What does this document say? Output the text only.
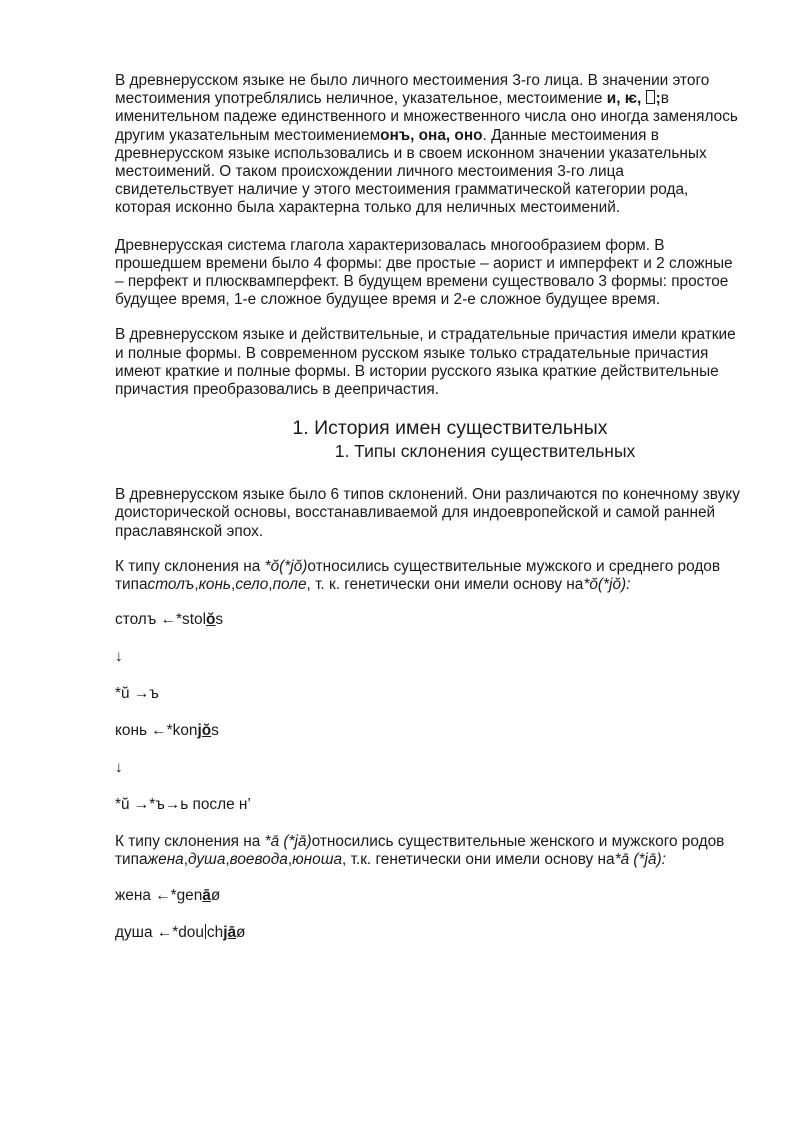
В древнерусском языке не было личного местоимения 3-го лица. В значении этого местоимения употреблялись неличное, указательное, местоимение и, ѥ, ;в именительном падеже единственного и множественного числа оно иногда заменялось другим указательным местоимениемонъ, она, оно. Данные местоимения в древнерусском языке использовались и в своем исконном значении указательных местоимений. О таком происхождении личного местоимения 3-го лица свидетельствует наличие у этого местоимения грамматической категории рода, которая исконно была характерна только для неличных местоимений.

Древнерусская система глагола характеризовалась многообразием форм. В прошедшем времени было 4 формы: две простые – аорист и имперфект и 2 сложные – перфект и плюсквамперфект. В будущем времени существовало 3 формы: простое будущее время, 1-е сложное будущее время и 2-е сложное будущее время.

В древнерусском языке и действительные, и страдательные причастия имели краткие и полные формы. В современном русском языке только страдательные причастия имеют краткие и полные формы. В истории русского языка краткие действительные причастия преобразовались в деепричастия.

1. История имен существительных
1. Типы склонения существительных

В древнерусском языке было 6 типов склонений. Они различаются по конечному звуку доисторической основы, восстанавливаемой для индоевропейской и самой ранней праславянской эпох.

К типу склонения на *ŏ(*jŏ)относились существительные мужского и среднего родов типастолъ,конь,село,поле, т. к. генетически они имели основу на*ŏ(*jŏ):

столъ ←*stolŏs
↓
*ŭ →ъ
конь ←*konjŏs
↓
*ŭ →*ъ→ь после н’

К типу склонения на *ā (*jā)относились существительные женского и мужского родов типажена,душа,воевода,юноша, т.к. генетически они имели основу на*ā (*jā):

жена ←*genāø
душа ←*dou chjāø
